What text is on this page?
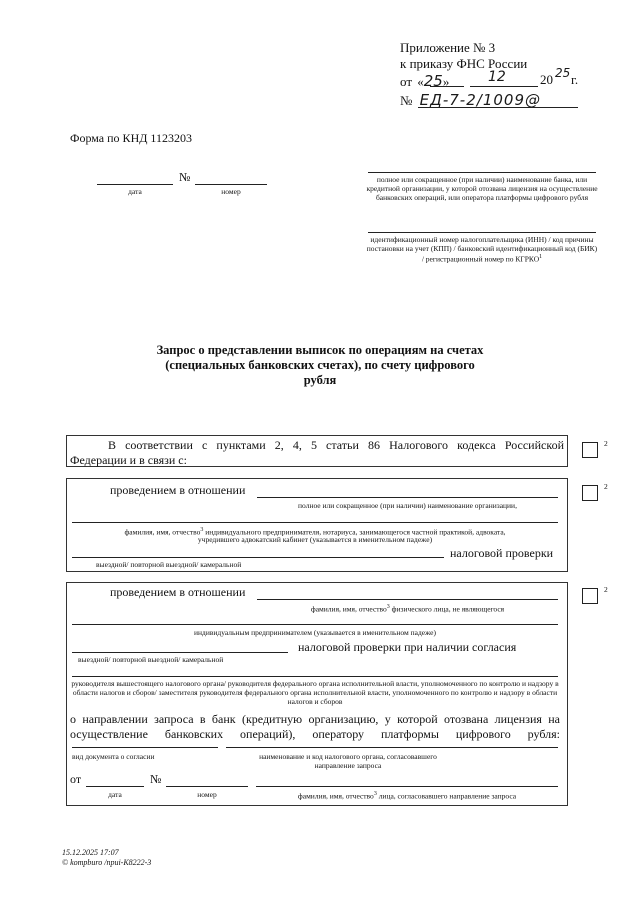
Приложение № 3
к приказу ФНС России
от «25»	12	20 25 г.
№ ЕД-7-2/1009@
Форма по КНД 1123203
№
дата	номер
полное или сокращенное (при наличии) наименование банка, или кредитной организации, у которой отозвана лицензия на осуществление банковских операций, или оператора платформы цифрового рубля
идентификационный номер налогоплательщика (ИНН) / код причины постановки на учет (КПП) / банковский идентификационный код (БИК) / регистрационный номер по КГРКО$^1$
Запрос о представлении выписок по операциям на счетах
(специальных банковских счетах), по счету цифрового
рубля
В соответствии с пунктами 2, 4, 5 статьи 86 Налогового кодекса Российской
Федерации и в связи с:
2
проведением в отношении
полное или сокращенное (при наличии) наименование организации,
фамилия, имя, отчество$^3$ индивидуального предпринимателя, нотариуса, занимающегося частной практикой, адвоката,
учредившего адвокатский кабинет (указывается в именительном падеже)
налоговой проверки
выездной/ повторной выездной/ камеральной
2
проведением в отношении
фамилия, имя, отчество$^3$ физического лица, не являющегося
индивидуальным предпринимателем (указывается в именительном падеже)
налоговой проверки при наличии согласия
выездной/ повторной выездной/ камеральной
руководителя вышестоящего налогового органа/ руководителя федерального органа исполнительной власти, уполномоченного по контролю и надзору в области налогов и сборов/ заместителя руководителя федерального органа исполнительной власти, уполномоченного по контролю и надзору в области налогов и сборов
о направлении запроса в банк (кредитную организацию, у которой отозвана лицензия на
осуществление банковских операций), оператору платформы цифрового рубля:
вид документа о согласии	наименование и код налогового органа, согласовавшего направление запроса
от	№
дата	номер	фамилия, имя, отчество$^3$ лица, согласовавшего направление запроса
2
15.12.2025 17:07
© kompburo /приi-К8222-3
